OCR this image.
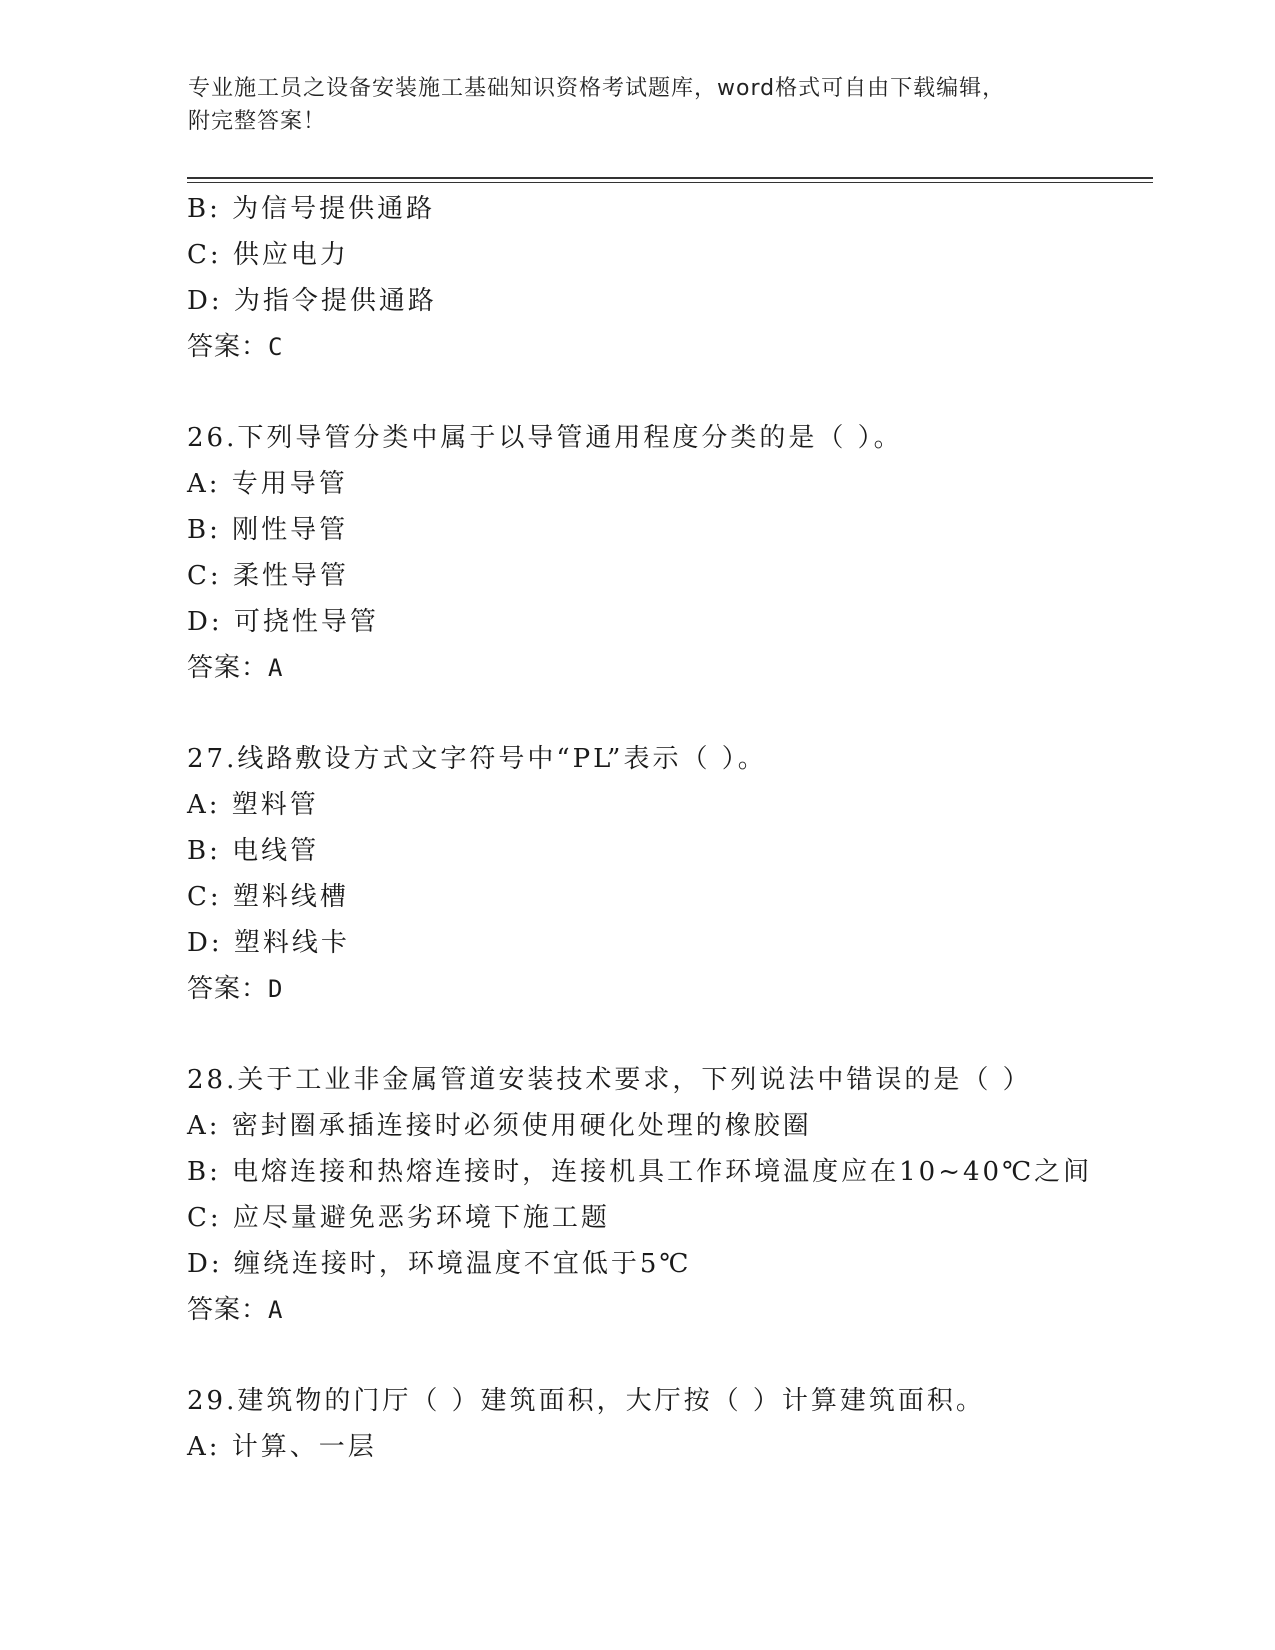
专业施工员之设备安装施工基础知识资格考试题库，word格式可自由下载编辑，
附完整答案！
B: 为信号提供通路
C: 供应电力
D: 为指令提供通路
答案：C
26.下列导管分类中属于以导管通用程度分类的是（ ）。
A: 专用导管
B: 刚性导管
C: 柔性导管
D: 可挠性导管
答案：A
27.线路敷设方式文字符号中“PL”表示（ ）。
A: 塑料管
B: 电线管
C: 塑料线槽
D: 塑料线卡
答案：D
28.关于工业非金属管道安装技术要求，下列说法中错误的是（ ）
A: 密封圈承插连接时必须使用硬化处理的橡胶圈
B: 电熔连接和热熔连接时，连接机具工作环境温度应在10~40℃之间
C: 应尽量避免恶劣环境下施工题
D: 缠绕连接时，环境温度不宜低于5℃
答案：A
29.建筑物的门厅（ ）建筑面积，大厅按（ ）计算建筑面积。
A: 计算、一层
